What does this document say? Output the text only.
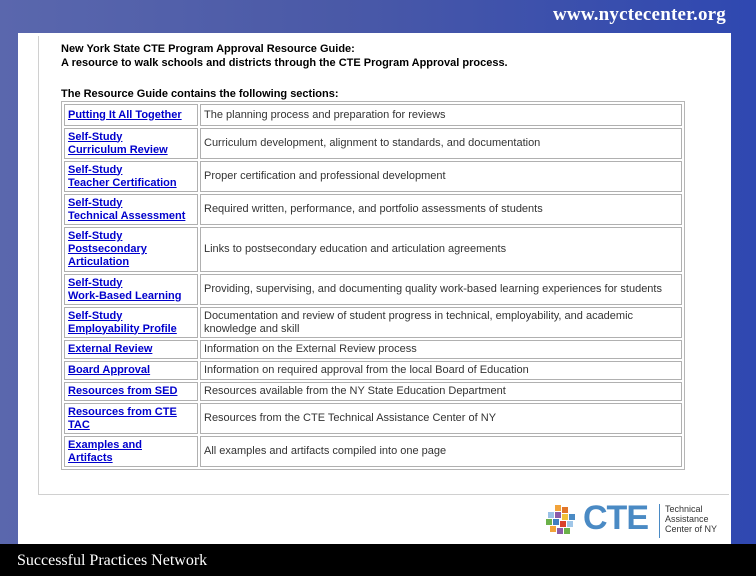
www.nyctecenter.org
New York State CTE Program Approval Resource Guide:
A resource to walk schools and districts through the CTE Program Approval process.
The Resource Guide contains the following sections:
Putting It All Together	The planning process and preparation for reviews
Self-Study
Curriculum Review	Curriculum development, alignment to standards, and documentation
Self-Study
Teacher Certification	Proper certification and professional development
Self-Study
Technical Assessment	Required written, performance, and portfolio assessments of students
Self-Study
Postsecondary
Articulation	Links to postsecondary education and articulation agreements
Self-Study
Work-Based Learning	Providing, supervising, and documenting quality work-based learning experiences for students
Self-Study
Employability Profile	Documentation and review of student progress in technical, employability, and academic knowledge and skill
External Review	Information on the External Review process
Board Approval	Information on required approval from the local Board of Education
Resources from SED	Resources available from the NY State Education Department
Resources from CTE
TAC	Resources from the CTE Technical Assistance Center of NY
Examples and
Artifacts	All examples and artifacts compiled into one page
CTE Technical
Assistance
Center of NY
Successful Practices Network
